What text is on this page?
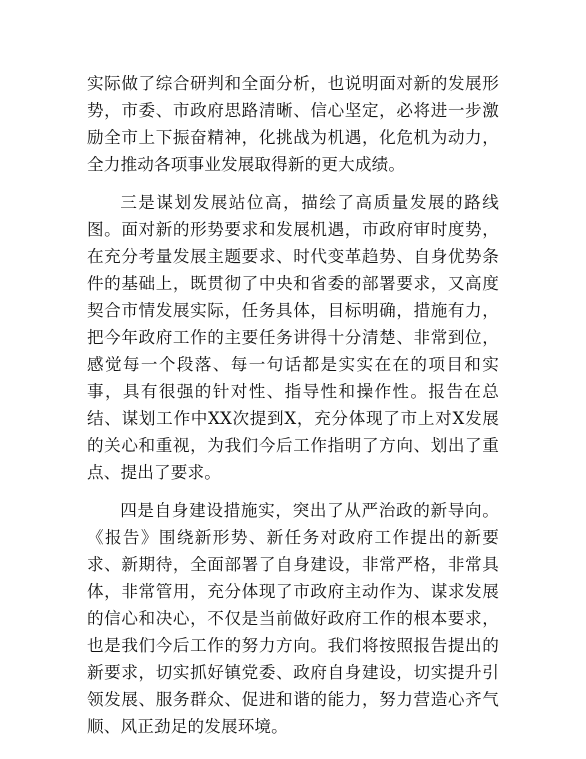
实际做了综合研判和全面分析，也说明面对新的发展形势，市委、市政府思路清晰、信心坚定，必将进一步激励全市上下振奋精神，化挑战为机遇，化危机为动力，全力推动各项事业发展取得新的更大成绩。

三是谋划发展站位高，描绘了高质量发展的路线图。面对新的形势要求和发展机遇，市政府审时度势，在充分考量发展主题要求、时代变革趋势、自身优势条件的基础上，既贯彻了中央和省委的部署要求，又高度契合市情发展实际，任务具体，目标明确，措施有力，把今年政府工作的主要任务讲得十分清楚、非常到位，感觉每一个段落、每一句话都是实实在在的项目和实事，具有很强的针对性、指导性和操作性。报告在总结、谋划工作中XX次提到X，充分体现了市上对X发展的关心和重视，为我们今后工作指明了方向、划出了重点、提出了要求。

四是自身建设措施实，突出了从严治政的新导向。《报告》围绕新形势、新任务对政府工作提出的新要求、新期待，全面部署了自身建设，非常严格，非常具体，非常管用，充分体现了市政府主动作为、谋求发展的信心和决心，不仅是当前做好政府工作的根本要求，也是我们今后工作的努力方向。我们将按照报告提出的新要求，切实抓好镇党委、政府自身建设，切实提升引领发展、服务群众、促进和谐的能力，努力营造心齐气顺、风正劲足的发展环境。
